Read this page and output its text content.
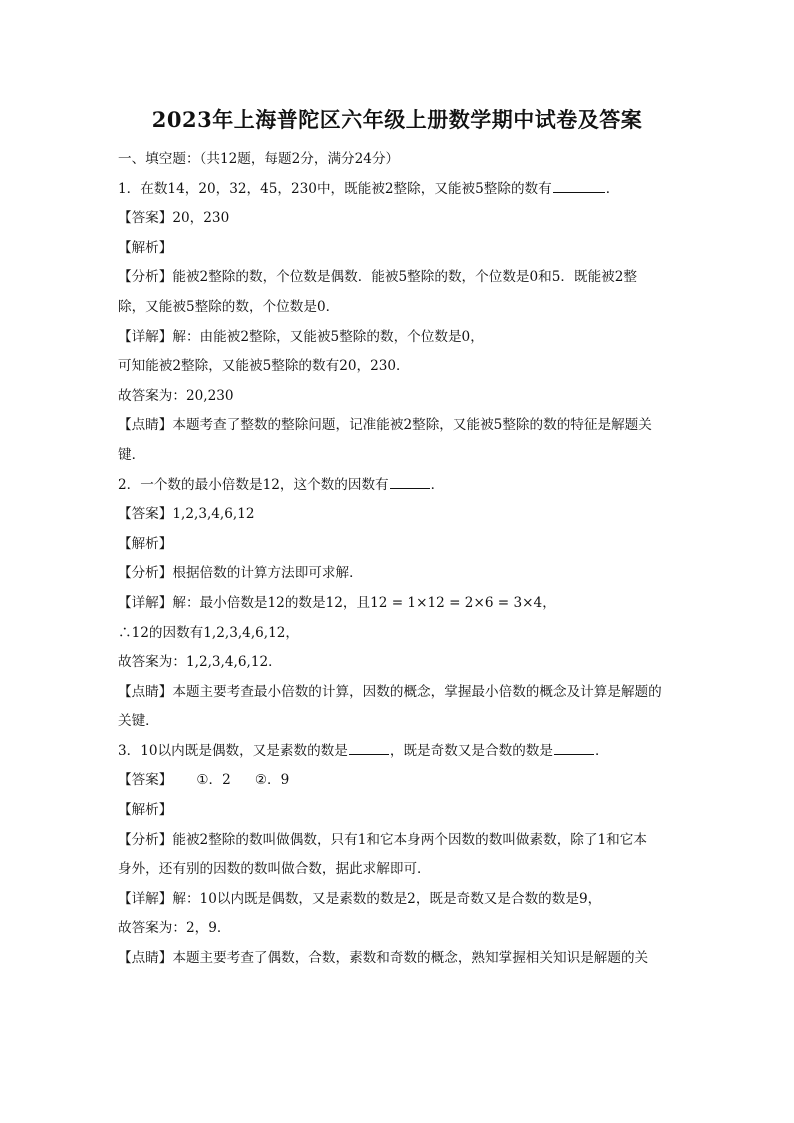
2023年上海普陀区六年级上册数学期中试卷及答案
一、填空题：（共12题，每题2分，满分24分）
1．在数14，20，32，45，230中，既能被2整除，又能被5整除的数有	．
【答案】20，230
【解析】
【分析】能被2整除的数，个位数是偶数．能被5整除的数，个位数是0和5．既能被2整
除，又能被5整除的数，个位数是0．
【详解】解：由能被2整除，又能被5整除的数，个位数是0，
可知能被2整除，又能被5整除的数有20，230．
故答案为：20,230
【点睛】本题考查了整数的整除问题，记准能被2整除，又能被5整除的数的特征是解题关
键．
2．一个数的最小倍数是12，这个数的因数有	．
【答案】1,2,3,4,6,12
【解析】
【分析】根据倍数的计算方法即可求解．
【详解】解：最小倍数是12的数是12，且12 = 1×12 = 2×6 = 3×4，
∴12的因数有1,2,3,4,6,12，
故答案为：1,2,3,4,6,12．
【点睛】本题主要考查最小倍数的计算，因数的概念，掌握最小倍数的概念及计算是解题的
关键．
3．10以内既是偶数，又是素数的数是	，既是奇数又是合数的数是	．
【答案】 ①．2 ②．9
【解析】
【分析】能被2整除的数叫做偶数，只有1和它本身两个因数的数叫做素数，除了1和它本
身外，还有别的因数的数叫做合数，据此求解即可．
【详解】解：10以内既是偶数，又是素数的数是2，既是奇数又是合数的数是9，
故答案为：2，9．
【点睛】本题主要考查了偶数，合数，素数和奇数的概念，熟知掌握相关知识是解题的关
